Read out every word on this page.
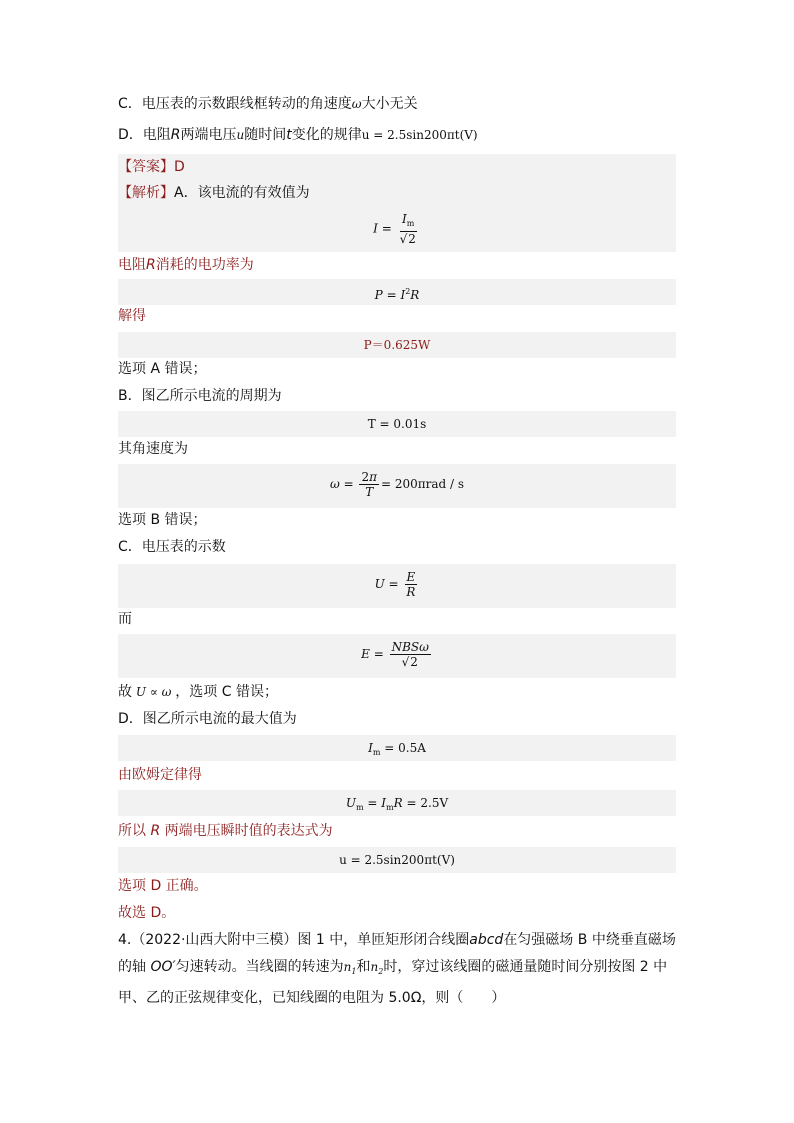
C．电压表的示数跟线框转动的角速度ω大小无关
D．电阻R两端电压u随时间t变化的规律u = 2.5sin200πt(V)
【答案】D
【解析】A．该电流的有效值为
$I = \frac{I_m}{√2}$
电阻R消耗的电功率为
$P = I^2R$
解得
P＝0.625W
选项 A 错误；
B．图乙所示电流的周期为
T = 0.01s
其角速度为
$\omega = \frac{2\pi}{T} = 200\pi rad / s$
选项 B 错误；
C．电压表的示数
$U = \frac{E}{R}$
而
$E = \frac{\text{NBSω}}{√2}$
故 U ∝ ω ，选项 C 错误；
D．图乙所示电流的最大值为
$I_m = 0.5A$
由欧姆定律得
$U_m = I_mR = 2.5V$
所以 R 两端电压瞬时值的表达式为
u = 2.5sin200πt(V)
选项 D 正确。
故选 D。
4.（2022·山西大附中三模）图 1 中，单匝矩形闭合线圈abcd在匀强磁场 B 中绕垂直磁场
的轴 OO′匀速转动。当线圈的转速为$n_1$和$n_2$时，穿过该线圈的磁通量随时间分别按图 2 中
甲、乙的正弦规律变化，已知线圈的电阻为 5.0Ω，则（　　）
